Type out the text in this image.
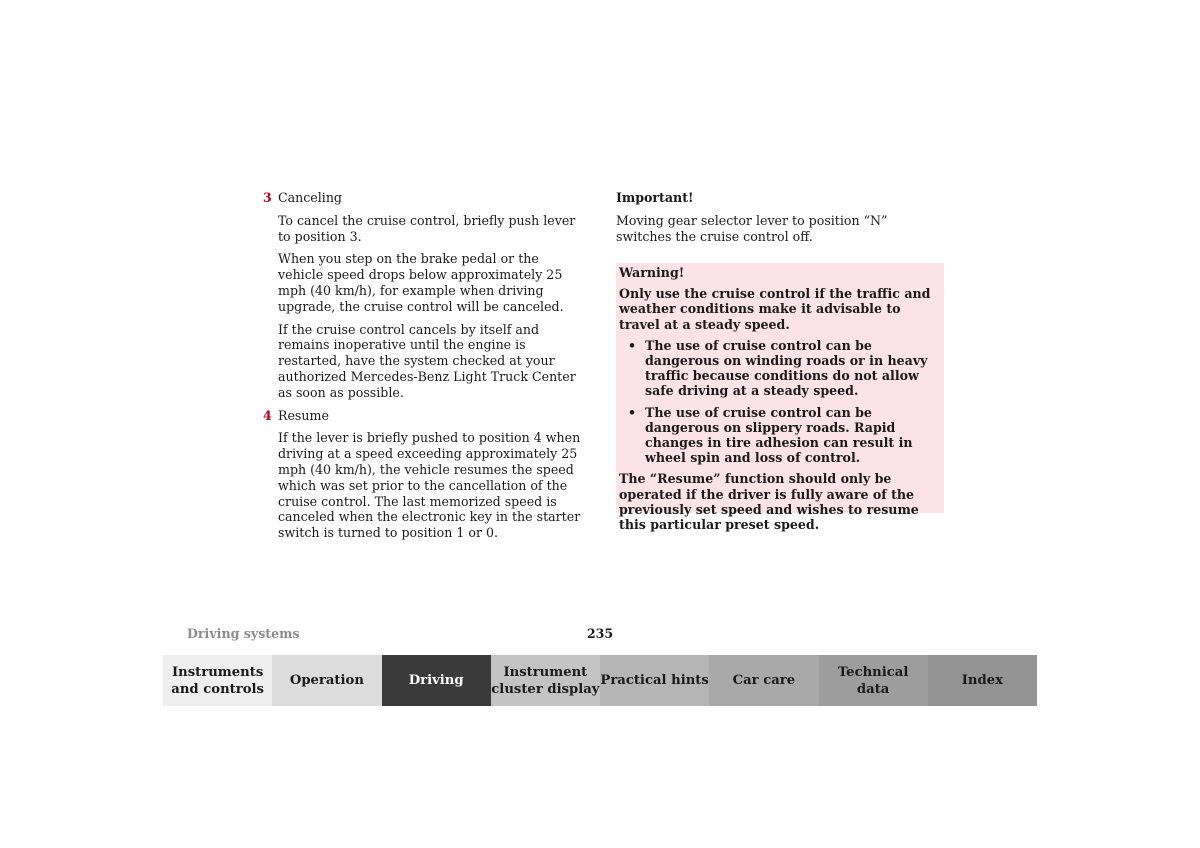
3 Canceling

To cancel the cruise control, briefly push lever to position 3.

When you step on the brake pedal or the vehicle speed drops below approximately 25 mph (40 km/h), for example when driving upgrade, the cruise control will be canceled.

If the cruise control cancels by itself and remains inoperative until the engine is restarted, have the system checked at your authorized Mercedes-Benz Light Truck Center as soon as possible.

4 Resume

If the lever is briefly pushed to position 4 when driving at a speed exceeding approximately 25 mph (40 km/h), the vehicle resumes the speed which was set prior to the cancellation of the cruise control. The last memorized speed is canceled when the electronic key in the starter switch is turned to position 1 or 0.

Important!

Moving gear selector lever to position “N” switches the cruise control off.

Warning!

Only use the cruise control if the traffic and weather conditions make it advisable to travel at a steady speed.

• The use of cruise control can be dangerous on winding roads or in heavy traffic because conditions do not allow safe driving at a steady speed.
• The use of cruise control can be dangerous on slippery roads. Rapid changes in tire adhesion can result in wheel spin and loss of control.

The “Resume” function should only be operated if the driver is fully aware of the previously set speed and wishes to resume this particular preset speed.

Driving systems	235
Instruments
and controls
Operation	Driving
Instrument
cluster display
Practical hints Car care
Technical
data
Index
